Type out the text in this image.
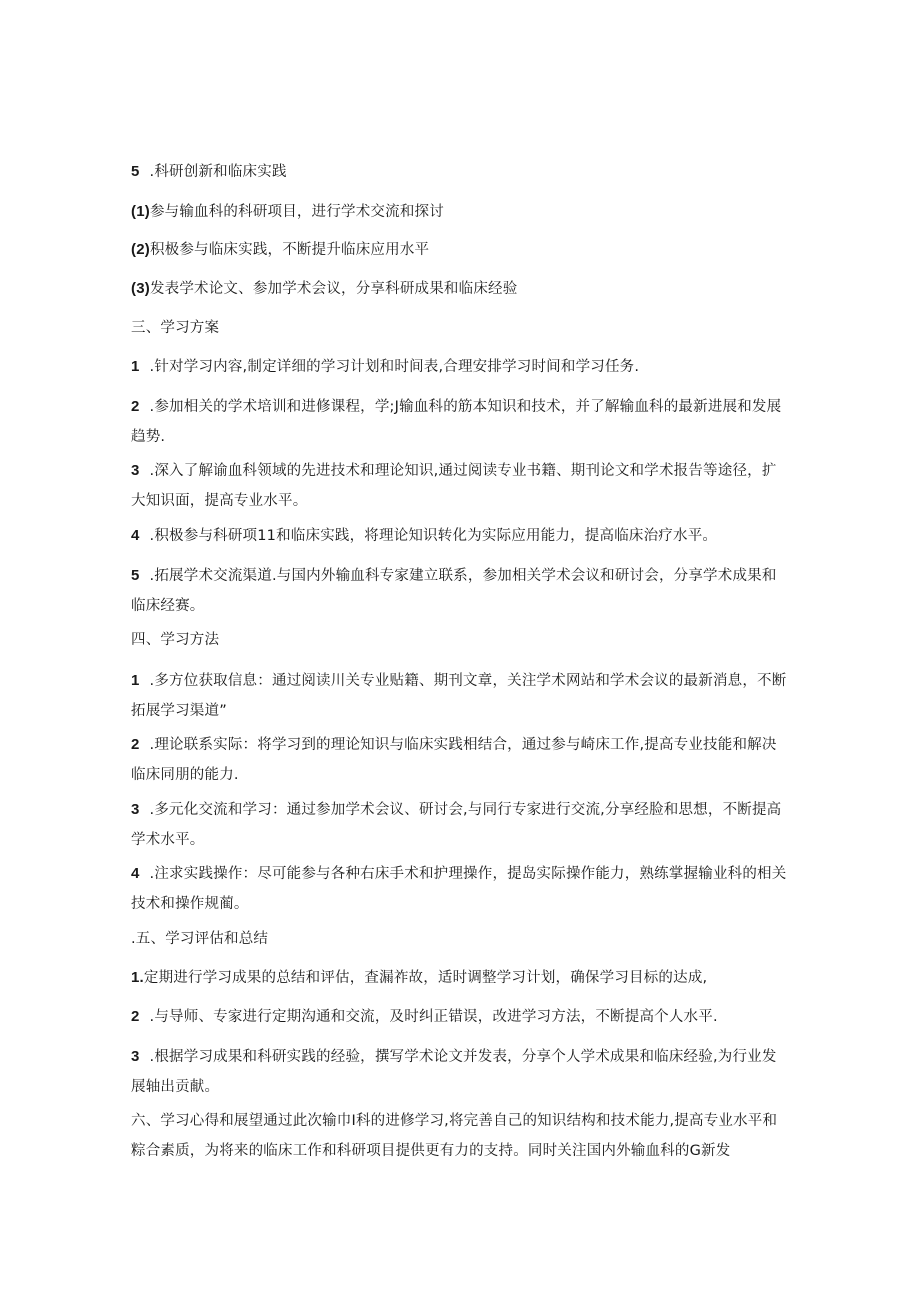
5 .科研创新和临床实践
(1)参与输血科的科研项目，进行学术交流和探讨
(2)积极参与临床实践，不断提升临床应用水平
(3)发表学术论文、参加学术会议，分享科研成果和临床经验
三、学习方案
1 .针对学习内容,制定详细的学习计划和时间表,合理安排学习时间和学习任务.
2 .参加相关的学术培训和进修课程，学;J输血科的筋本知识和技术，并了解输血科的最新进展和发展趋势.
3 .深入了解谕血科领域的先进技术和理论知识,通过阅读专业书籍、期刊论文和学术报告等途径，扩大知识面，提高专业水平。
4 .积极参与科研项11和临床实践，将理论知识转化为实际应用能力，提高临床治疗水平。
5 .拓展学术交流渠道.与国内外输血科专家建立联系，参加相关学术会议和研讨会，分享学术成果和临床经赛。
四、学习方法
1 .多方位获取信息：通过阅读川关专业贴籍、期刊文章，关注学术网站和学术会议的最新消息，不断拓展学习渠道”
2 .理论联系实际：将学习到的理论知识与临床实践相结合，通过参与崎床工作,提高专业技能和解决临床同朋的能力.
3 .多元化交流和学习：通过参加学术会议、研讨会,与同行专家进行交流,分享经脸和思想，不断提高学术水平。
4 .注求实践操作：尽可能参与各种右床手术和护理操作，提岛实际操作能力，熟练掌握输业科的相关技术和操作规蔺。
.五、学习评估和总结
1.定期进行学习成果的总结和评估，査漏祚故，适时调整学习计划，确保学习目标的达成,
2 .与导师、专家进行定期沟通和交流，及时纠正错误，改进学习方法，不断提高个人水平.
3 .根据学习成果和科研实践的经验，撰写学术论文并发表，分享个人学术成果和临床经验,为行业发展轴出贡献。
六、学习心得和展望通过此次输巾I科的进修学习,将完善自己的知识结构和技术能力,提高专业水平和粽合素质，为将来的临床工作和科研项目提供更有力的支持。同时关注国内外输血科的G新发
